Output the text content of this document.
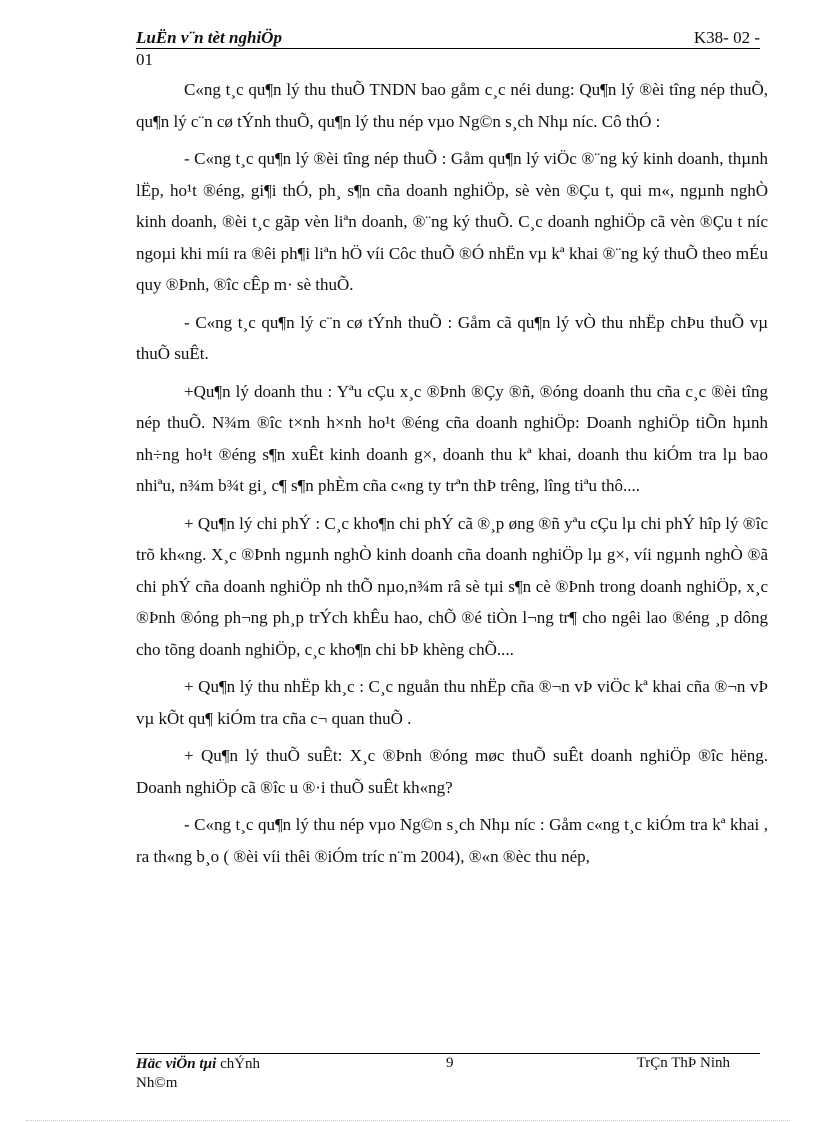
LuËn v¨n tèt nghiÖp	K38- 02 -
01

C«ng t¸c qu¶n lý thu thuÕ TNDN bao gåm c¸c néi dung: Qu¶n lý ®èi tîng nép thuÕ, qu¶n lý c¨n cø tÝnh thuÕ, qu¶n lý thu nép vµo Ng©n s¸ch Nhµ níc. Cô thÓ :

- C«ng t¸c qu¶n lý ®èi tîng nép thuÕ : Gåm qu¶n lý viÖc ®¨ng ký kinh doanh, thµnh lËp, ho¹t ®éng, gi¶i thÓ, ph¸ s¶n cña doanh nghiÖp, sè vèn ®Çu t, qui m«, ngµnh nghÒ kinh doanh, ®èi t¸c gãp vèn liªn doanh, ®¨ng ký thuÕ. C¸c doanh nghiÖp cã vèn ®Çu t níc ngoµi khi míi ra ®êi ph¶i liªn hÖ víi Côc thuÕ ®Ó nhËn vµ kª khai ®¨ng ký thuÕ theo mÉu quy ®Þnh, ®îc cÊp m· sè thuÕ.

- C«ng t¸c qu¶n lý c¨n cø tÝnh thuÕ : Gåm cã qu¶n lý vÒ thu nhËp chÞu thuÕ vµ thuÕ suÊt.

+Qu¶n lý doanh thu : Yªu cÇu x¸c ®Þnh ®Çy ®ñ, ®óng doanh thu cña c¸c ®èi tîng nép thuÕ. N¾m ®îc t×nh h×nh ho¹t ®éng cña doanh nghiÖp: Doanh nghiÖp tiÕn hµnh nh÷ng ho¹t ®éng s¶n xuÊt kinh doanh g×, doanh thu kª khai, doanh thu kiÓm tra lµ bao nhiªu, n¾m b¾t gi¸ c¶ s¶n phÈm cña c«ng ty trªn thÞ trêng, lîng tiªu thô....

+ Qu¶n lý chi phÝ : C¸c kho¶n chi phÝ cã ®¸p øng ®ñ yªu cÇu lµ chi phÝ hîp lý ®îc trõ kh«ng. X¸c ®Þnh ngµnh nghÒ kinh doanh cña doanh nghiÖp lµ g×, víi ngµnh nghÒ ®ã chi phÝ cña doanh nghiÖp nh thÕ nµo,n¾m râ sè tµi s¶n cè ®Þnh trong doanh nghiÖp, x¸c ®Þnh ®óng ph¬ng ph¸p trÝch khÊu hao, chÕ ®é tiÒn l¬ng tr¶ cho ngêi lao ®éng ¸p dông cho tõng doanh nghiÖp, c¸c kho¶n chi bÞ khèng chÕ....

+ Qu¶n lý thu nhËp kh¸c : C¸c nguån thu nhËp cña ®¬n vÞ viÖc kª khai cña ®¬n vÞ vµ kÕt qu¶ kiÓm tra cña c¬ quan thuÕ .

+ Qu¶n lý thuÕ suÊt: X¸c ®Þnh ®óng møc thuÕ suÊt doanh nghiÖp ®îc hëng. Doanh nghiÖp cã ®îc u ®·i thuÕ suÊt kh«ng?

- C«ng t¸c qu¶n lý thu nép vµo Ng©n s¸ch Nhµ níc : Gåm c«ng t¸c kiÓm tra kª khai , ra th«ng b¸o ( ®èi víi thêi ®iÓm tríc n¨m 2004), ®«n ®èc thu nép,

Häc viÖn tµi chÝnh
Nh©m
9	TrÇn ThÞ Ninh
